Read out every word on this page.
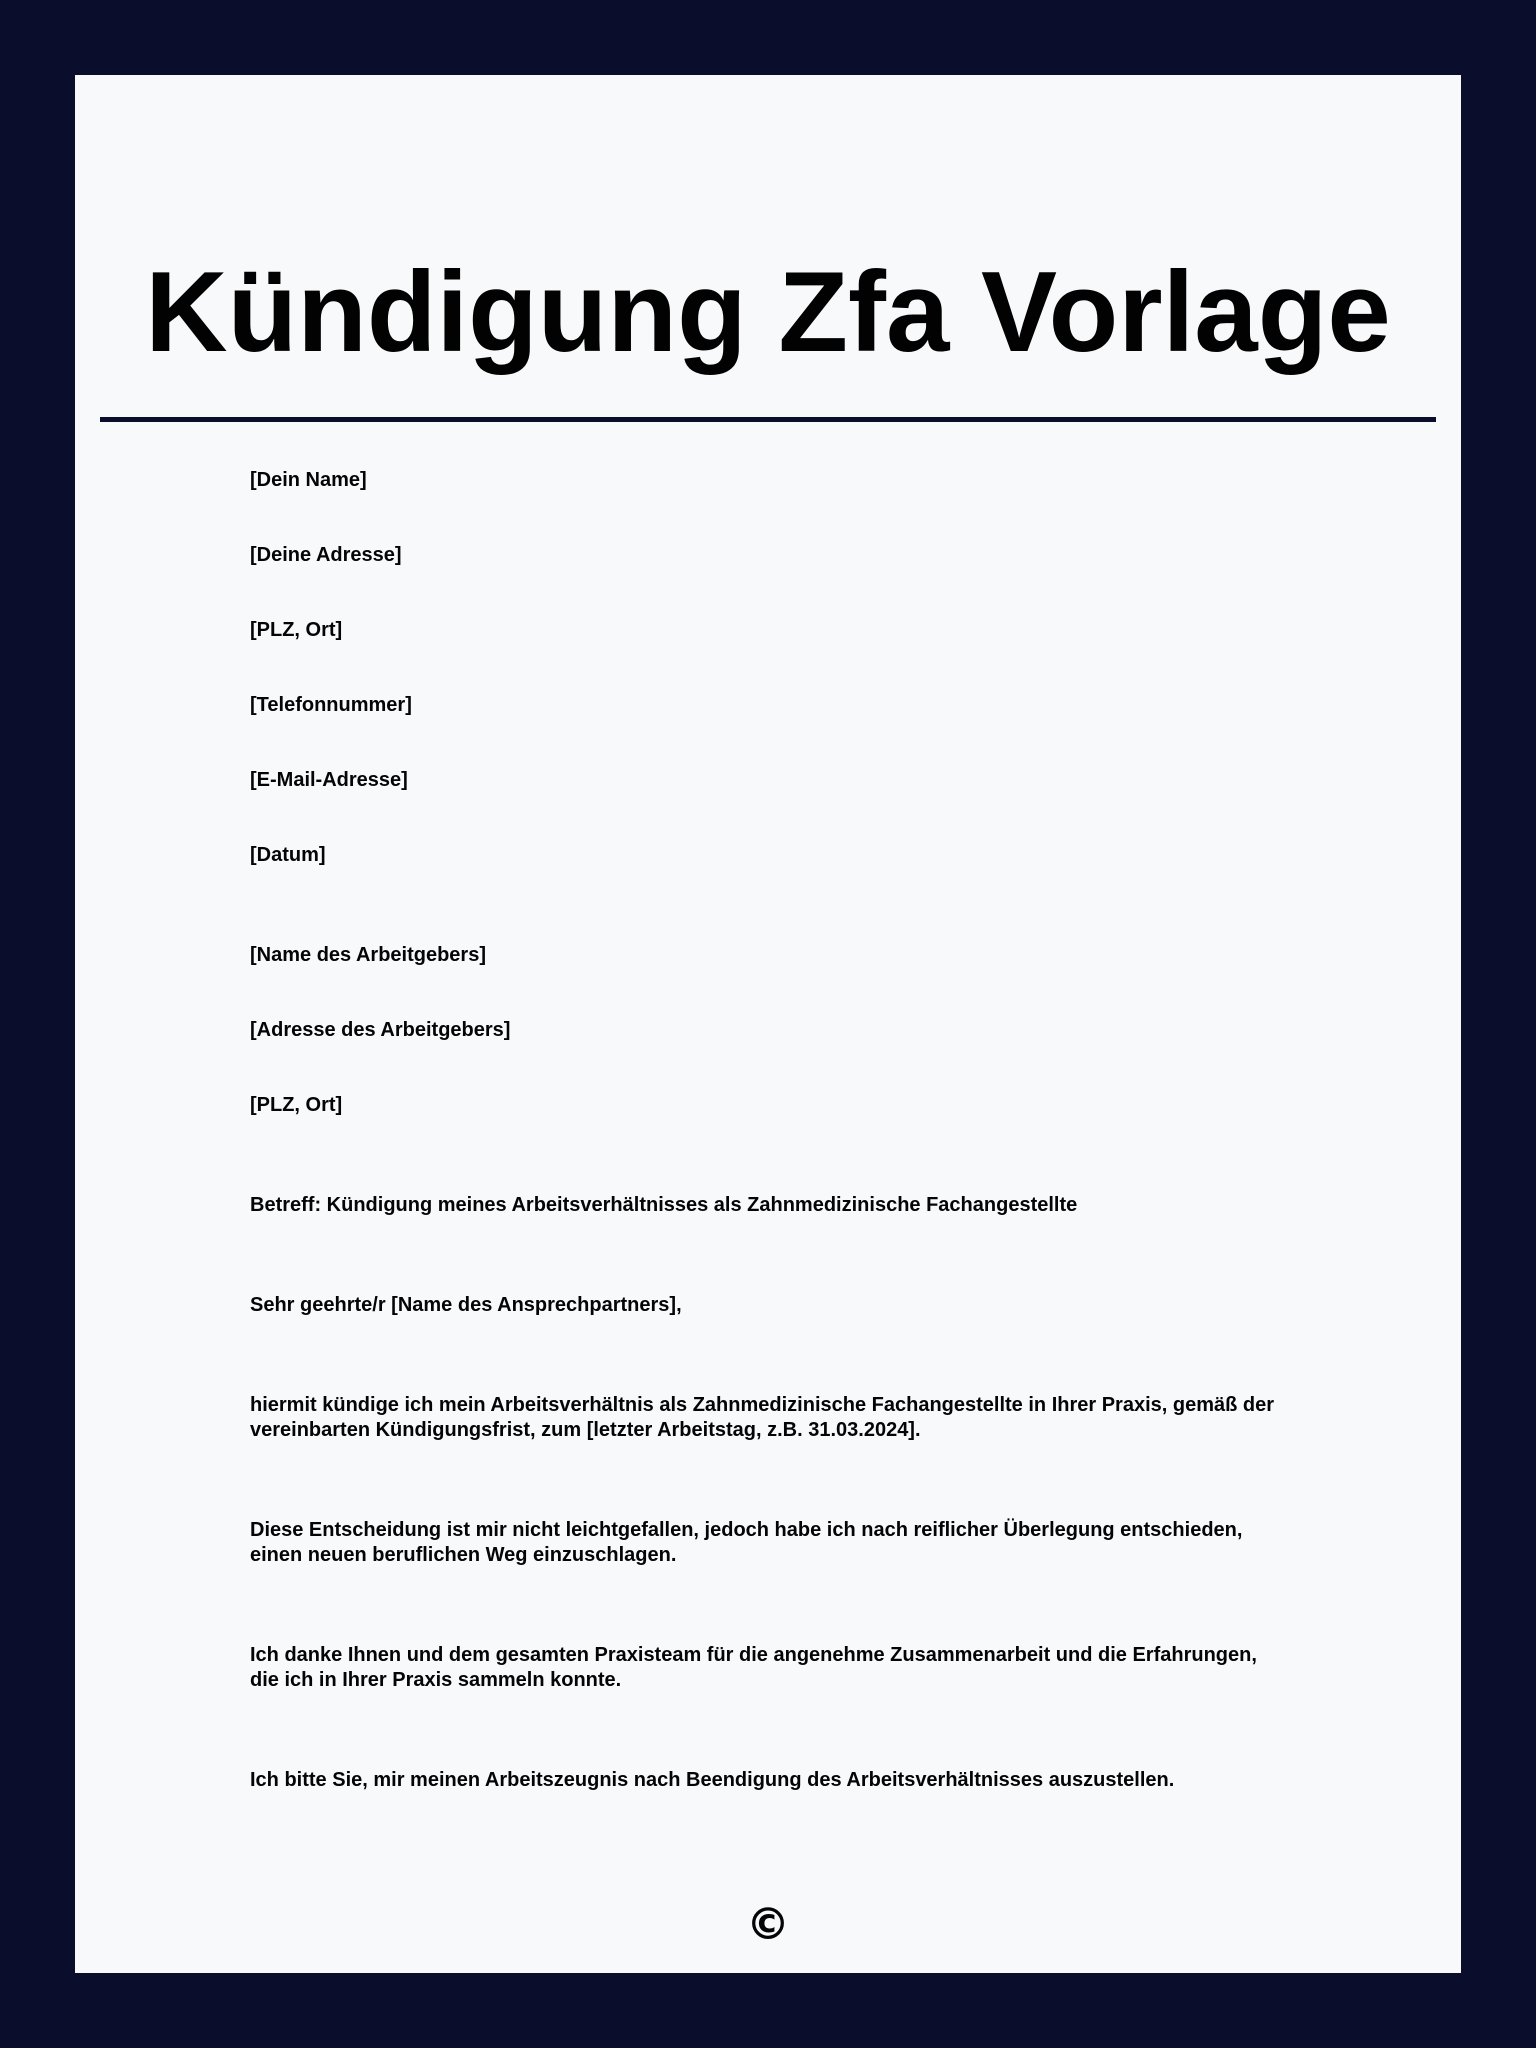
Kündigung Zfa Vorlage

[Dein Name]

[Deine Adresse]

[PLZ, Ort]

[Telefonnummer]

[E-Mail-Adresse]

[Datum]

[Name des Arbeitgebers]

[Adresse des Arbeitgebers]

[PLZ, Ort]

Betreff: Kündigung meines Arbeitsverhältnisses als Zahnmedizinische Fachangestellte

Sehr geehrte/r [Name des Ansprechpartners],

hiermit kündige ich mein Arbeitsverhältnis als Zahnmedizinische Fachangestellte in Ihrer Praxis, gemäß der vereinbarten Kündigungsfrist, zum [letzter Arbeitstag, z.B. 31.03.2024].

Diese Entscheidung ist mir nicht leichtgefallen, jedoch habe ich nach reiflicher Überlegung entschieden, einen neuen beruflichen Weg einzuschlagen.

Ich danke Ihnen und dem gesamten Praxisteam für die angenehme Zusammenarbeit und die Erfahrungen, die ich in Ihrer Praxis sammeln konnte.

Ich bitte Sie, mir meinen Arbeitszeugnis nach Beendigung des Arbeitsverhältnisses auszustellen.

©
